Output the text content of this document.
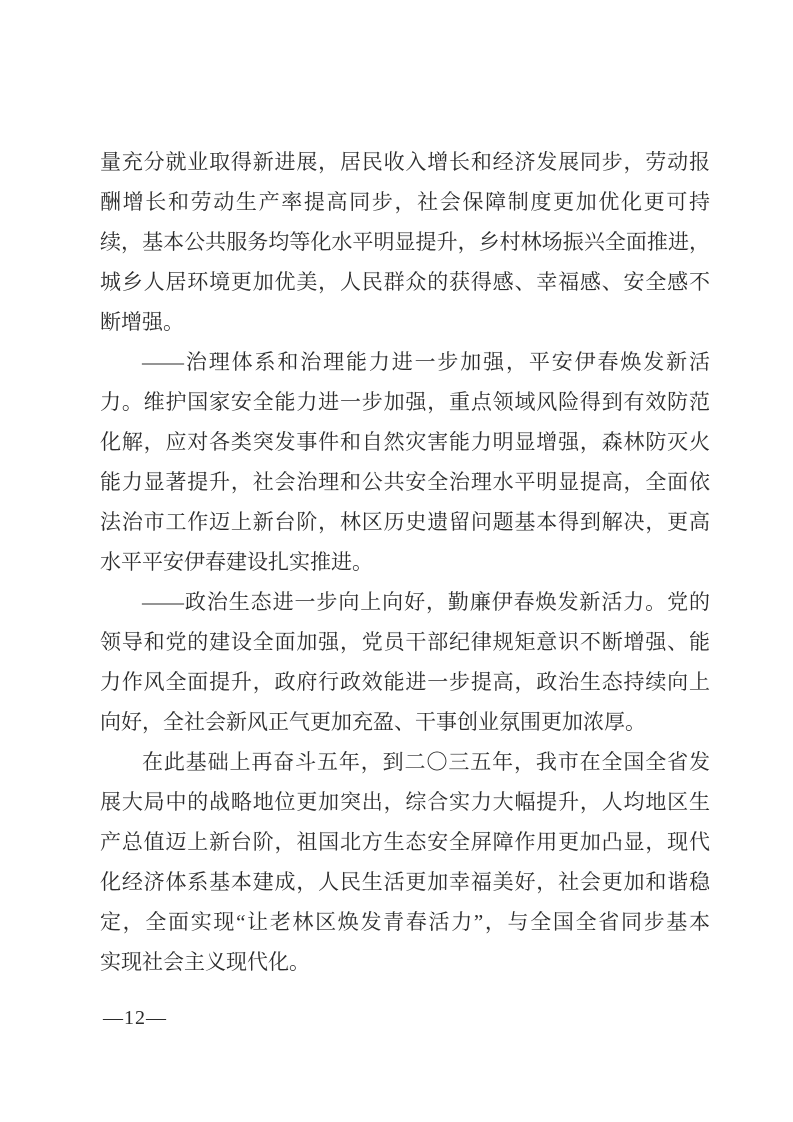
量充分就业取得新进展，居民收入增长和经济发展同步，劳动报
酬增长和劳动生产率提高同步，社会保障制度更加优化更可持
续，基本公共服务均等化水平明显提升，乡村林场振兴全面推进，
城乡人居环境更加优美，人民群众的获得感、幸福感、安全感不
断增强。
——治理体系和治理能力进一步加强，平安伊春焕发新活
力。维护国家安全能力进一步加强，重点领域风险得到有效防范
化解，应对各类突发事件和自然灾害能力明显增强，森林防灭火
能力显著提升，社会治理和公共安全治理水平明显提高，全面依
法治市工作迈上新台阶，林区历史遗留问题基本得到解决，更高
水平平安伊春建设扎实推进。
——政治生态进一步向上向好，勤廉伊春焕发新活力。党的
领导和党的建设全面加强，党员干部纪律规矩意识不断增强、能
力作风全面提升，政府行政效能进一步提高，政治生态持续向上
向好，全社会新风正气更加充盈、干事创业氛围更加浓厚。
在此基础上再奋斗五年，到二〇三五年，我市在全国全省发
展大局中的战略地位更加突出，综合实力大幅提升，人均地区生
产总值迈上新台阶，祖国北方生态安全屏障作用更加凸显，现代
化经济体系基本建成，人民生活更加幸福美好，社会更加和谐稳
定，全面实现“让老林区焕发青春活力”，与全国全省同步基本
实现社会主义现代化。
—12—
